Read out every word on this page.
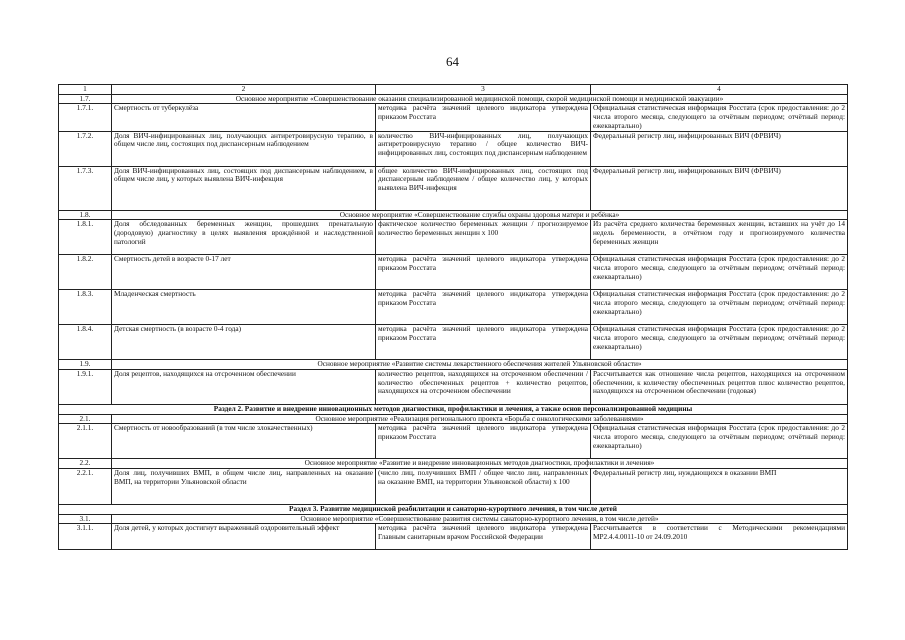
64
1	2	3	4
1.7.	Основное мероприятие «Совершенствование оказания специализированной медицинской помощи, скорой медицинской помощи и медицинской эвакуации»		
1.7.1.	Смертность от туберкулёза	методика расчёта значений целевого индикатора утверждена приказом Росстата	Официальная статистическая информация Росстата (срок предоставления: до 2 числа второго месяца, следующего за отчётным периодом; отчётный период: ежеквартально)
1.7.2.	Доля ВИЧ-инфицированных лиц, получающих антиретровирусную терапию, в общем числе лиц, состоящих под диспансерным наблюдением	количество ВИЧ-инфицированных лиц, получающих антиретровирусную терапию / общее количество ВИЧ-инфицированных лиц, состоящих под диспансерным наблюдением	Федеральный регистр лиц, инфицированных ВИЧ (ФРВИЧ)
1.7.3.	Доля ВИЧ-инфицированных лиц, состоящих под диспансерным наблюдением, в общем числе лиц, у которых выявлена ВИЧ-инфекция	общее количество ВИЧ-инфицированных лиц, состоящих под диспансерным наблюдением / общее количество лиц, у которых выявлена ВИЧ-инфекция	Федеральный регистр лиц, инфицированных ВИЧ (ФРВИЧ)
1.8.	Основное мероприятие «Совершенствование службы охраны здоровья матери и ребёнка»		
1.8.1.	Доля обследованных беременных женщин, прошедших пренатальную (дородовую) диагностику в целях выявления врождённой и наследственной патологий	фактическое количество беременных женщин / прогнозируемое количество беременных женщин х 100	Из расчёта среднего количества беременных женщин, вставших на учёт до 14 недель беременности, в отчётном году и прогнозируемого количества беременных женщин
1.8.2.	Смертность детей в возрасте 0-17 лет	методика расчёта значений целевого индикатора утверждена приказом Росстата	Официальная статистическая информация Росстата (срок предоставления: до 2 числа второго месяца, следующего за отчётным периодом; отчётный период: ежеквартально)
1.8.3.	Младенческая смертность	методика расчёта значений целевого индикатора утверждена приказом Росстата	Официальная статистическая информация Росстата (срок предоставления: до 2 числа второго месяца, следующего за отчётным периодом; отчётный период: ежеквартально)
1.8.4.	Детская смертность (в возрасте 0-4 года)	методика расчёта значений целевого индикатора утверждена приказом Росстата	Официальная статистическая информация Росстата (срок предоставления: до 2 числа второго месяца, следующего за отчётным периодом; отчётный период: ежеквартально)
1.9.	Основное мероприятие «Развитие системы лекарственного обеспечения жителей Ульяновской области»		
1.9.1.	Доля рецептов, находящихся на отсроченном обеспечении	количество рецептов, находящихся на отсроченном обеспечении / количество обеспеченных рецептов + количество рецептов, находящихся на отсроченном обеспечении	Рассчитывается как отношение числа рецептов, находящихся на отсроченном обеспечении, к количеству обеспеченных рецептов плюс количество рецептов, находящихся на отсроченном обеспечении (годовая)
Раздел 2. Развитие и внедрение инновационных методов диагностики, профилактики и лечения, а также основ персонализированной медицины			
2.1.	Основное мероприятие «Реализация регионального проекта «Борьба с онкологическими заболеваниями»		
2.1.1.	Смертность от новообразований (в том числе злокачественных)	методика расчёта значений целевого индикатора утверждена приказом Росстата	Официальная статистическая информация Росстата (срок предоставления: до 2 числа второго месяца, следующего за отчётным периодом; отчётный период: ежеквартально)
2.2.	Основное мероприятие «Развитие и внедрение инновационных методов диагностики, профилактики и лечения»		
2.2.1.	Доля лиц, получивших ВМП, в общем числе лиц, направленных на оказание ВМП, на территории Ульяновской области	(число лиц, получивших ВМП / общее число лиц, направленных на оказание ВМП, на территории Ульяновской области) х 100	Федеральный регистр лиц, нуждающихся в оказании ВМП
Раздел 3. Развитие медицинской реабилитации и санаторно-курортного лечения, в том числе детей			
3.1.	Основное мероприятие «Совершенствование развития системы санаторно-курортного лечения, в том числе детей»		
3.1.1.	Доля детей, у которых достигнут выраженный оздоровительный эффект	методика расчёта значений целевого индикатора утверждена Главным санитарным врачом Российской Федерации	Рассчитывается в соответствии с Методическими рекомендациями МР2.4.4.0011-10 от 24.09.2010
